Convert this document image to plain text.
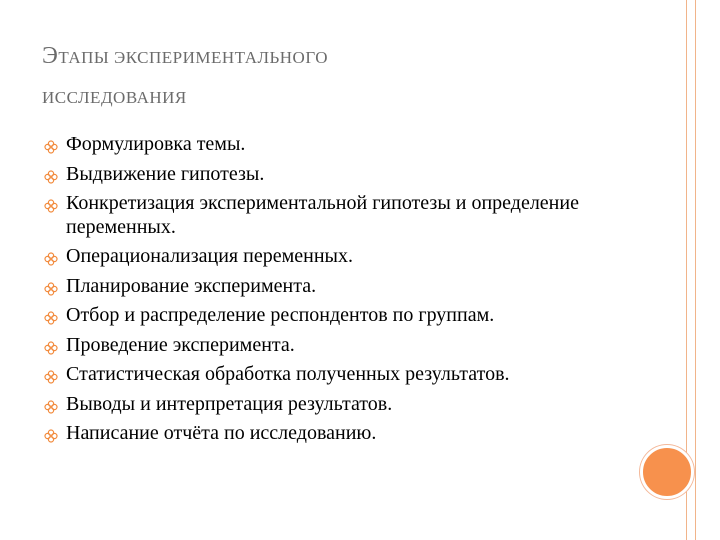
ЭТАПЫ ЭКСПЕРИМЕНТАЛЬНОГО
ИССЛЕДОВАНИЯ
Формулировка темы.
Выдвижение гипотезы.
Конкретизация экспериментальной гипотезы и определение переменных.
Операционализация переменных.
Планирование эксперимента.
Отбор и распределение респондентов по группам.
Проведение эксперимента.
Статистическая обработка полученных результатов.
Выводы и интерпретация результатов.
Написание отчёта по исследованию.
